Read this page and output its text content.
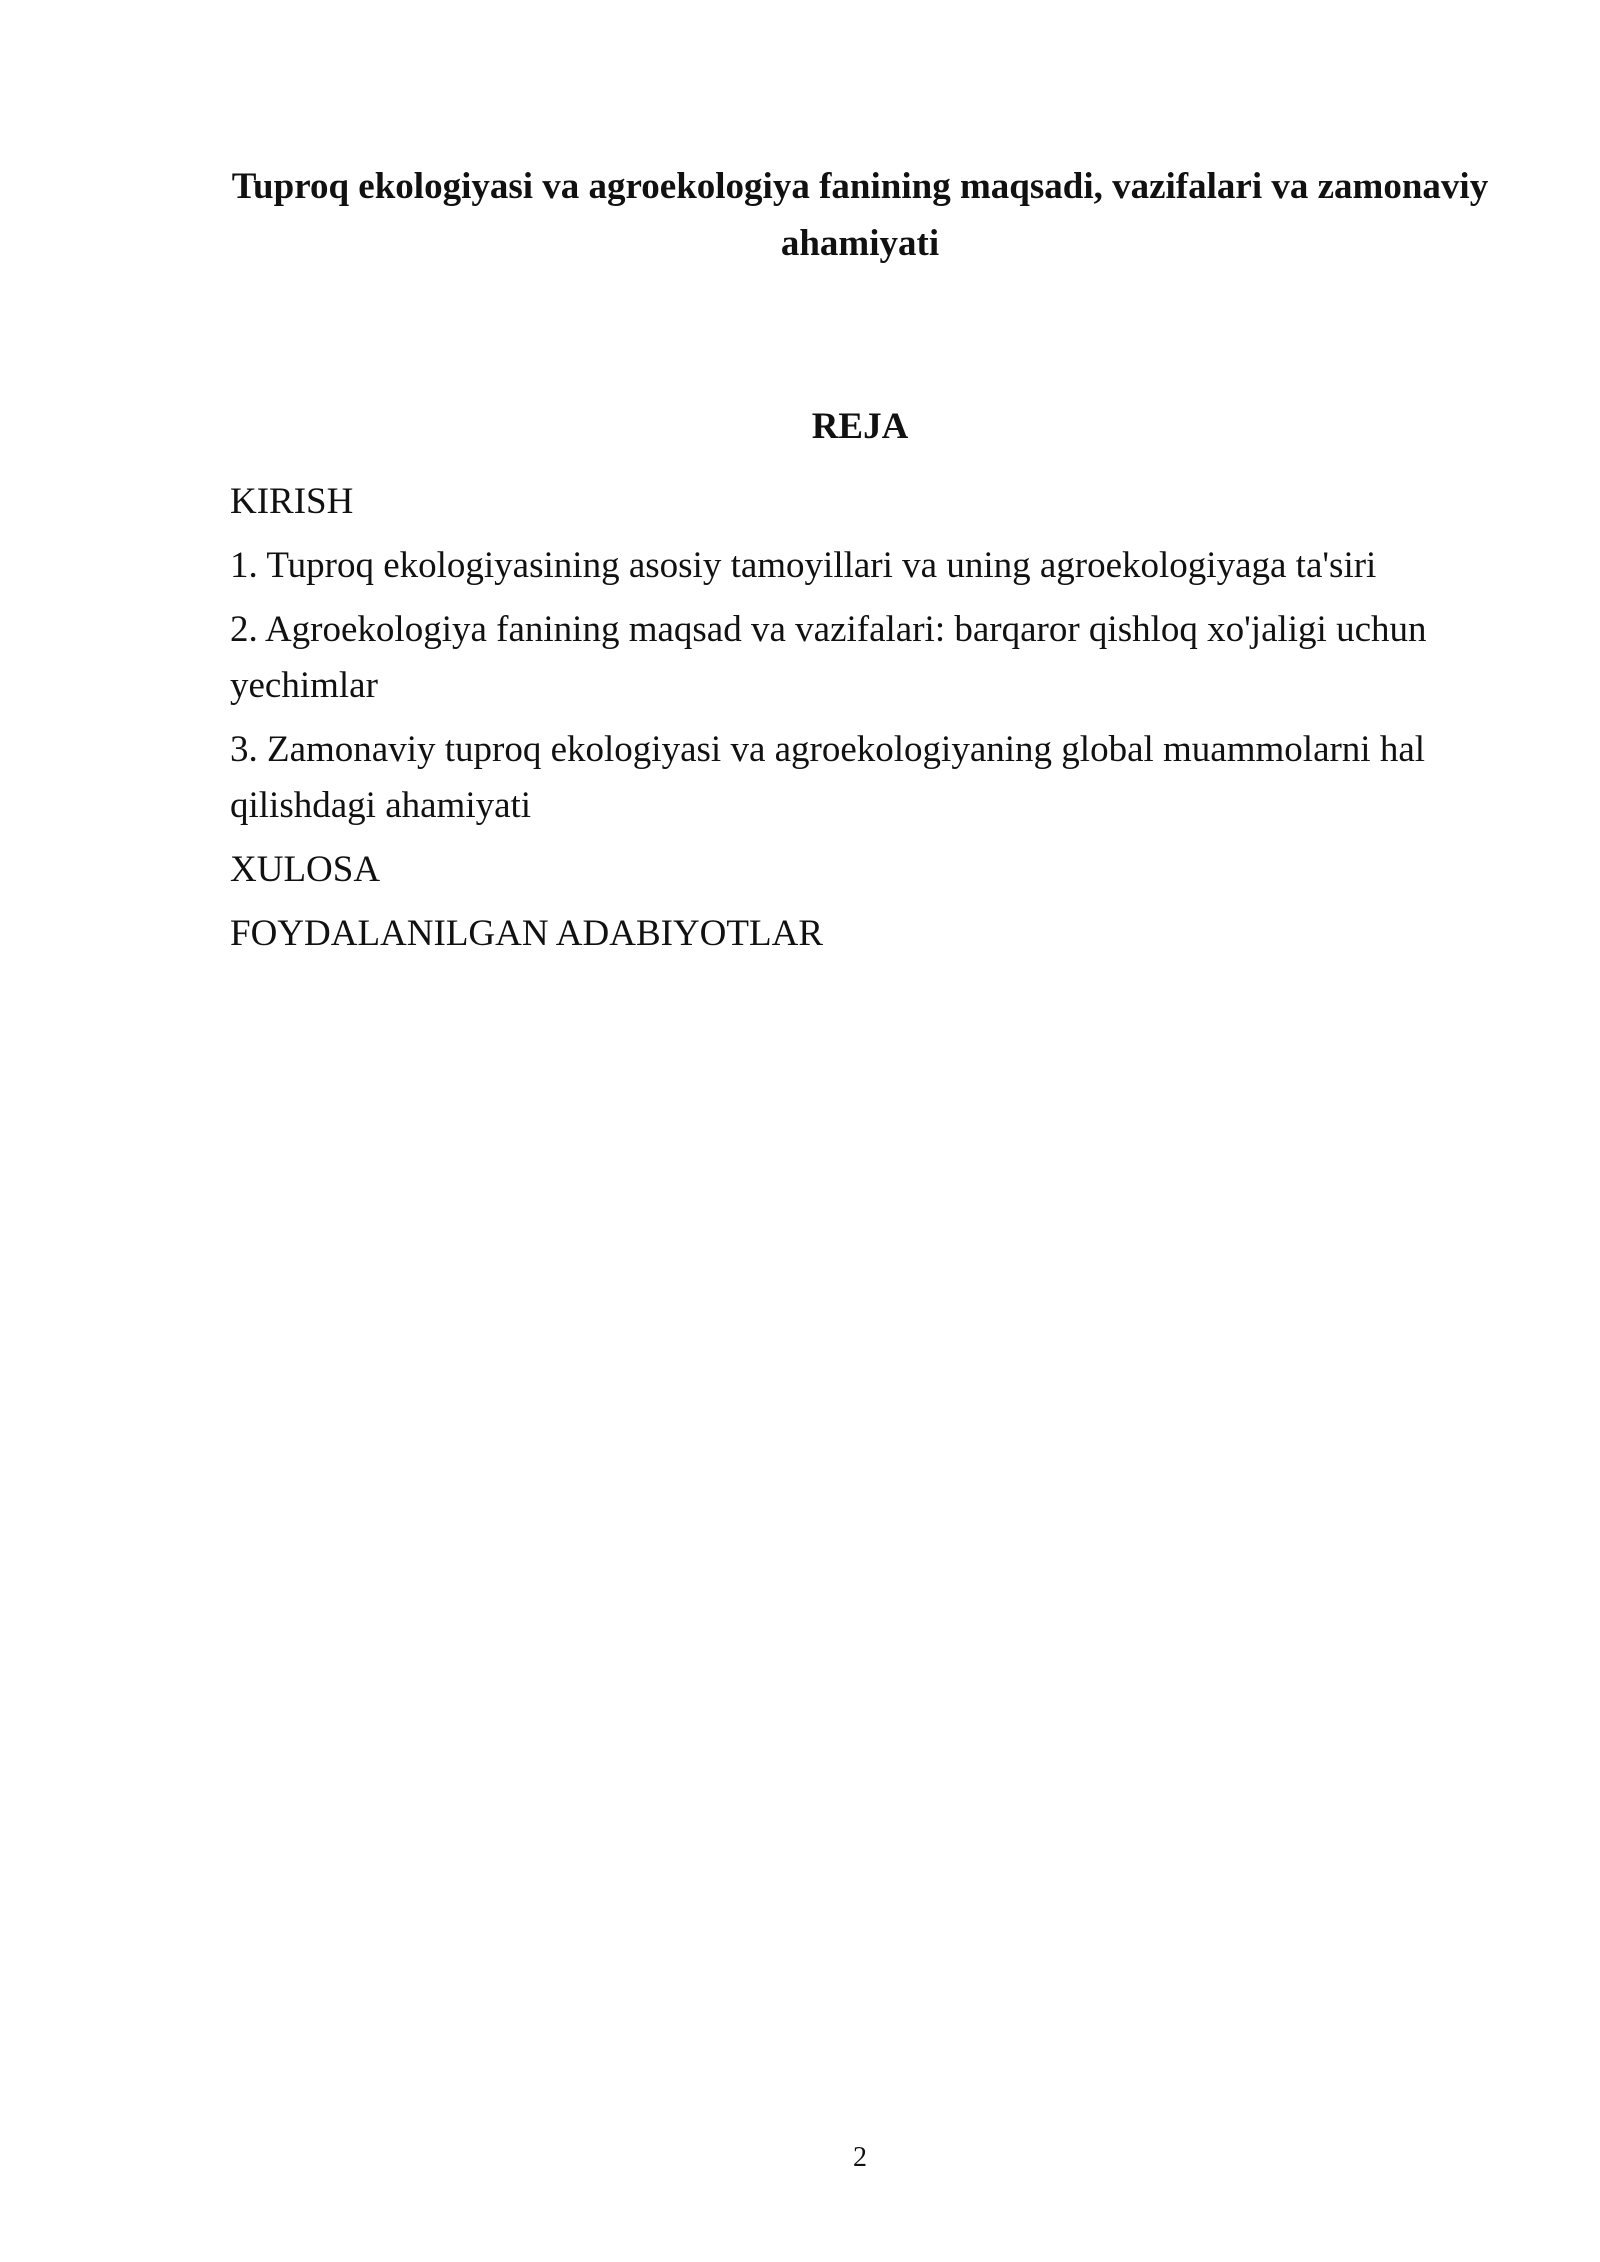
Tuproq ekologiyasi va agroekologiya fanining maqsadi, vazifalari va zamonaviy ahamiyati
REJA
KIRISH
1. Tuproq ekologiyasining asosiy tamoyillari va uning agroekologiyaga ta'siri
2. Agroekologiya fanining maqsad va vazifalari: barqaror qishloq xo'jaligi uchun yechimlar
3. Zamonaviy tuproq ekologiyasi va agroekologiyaning global muammolarni hal qilishdagi ahamiyati
XULOSA
FOYDALANILGAN ADABIYOTLAR
2
